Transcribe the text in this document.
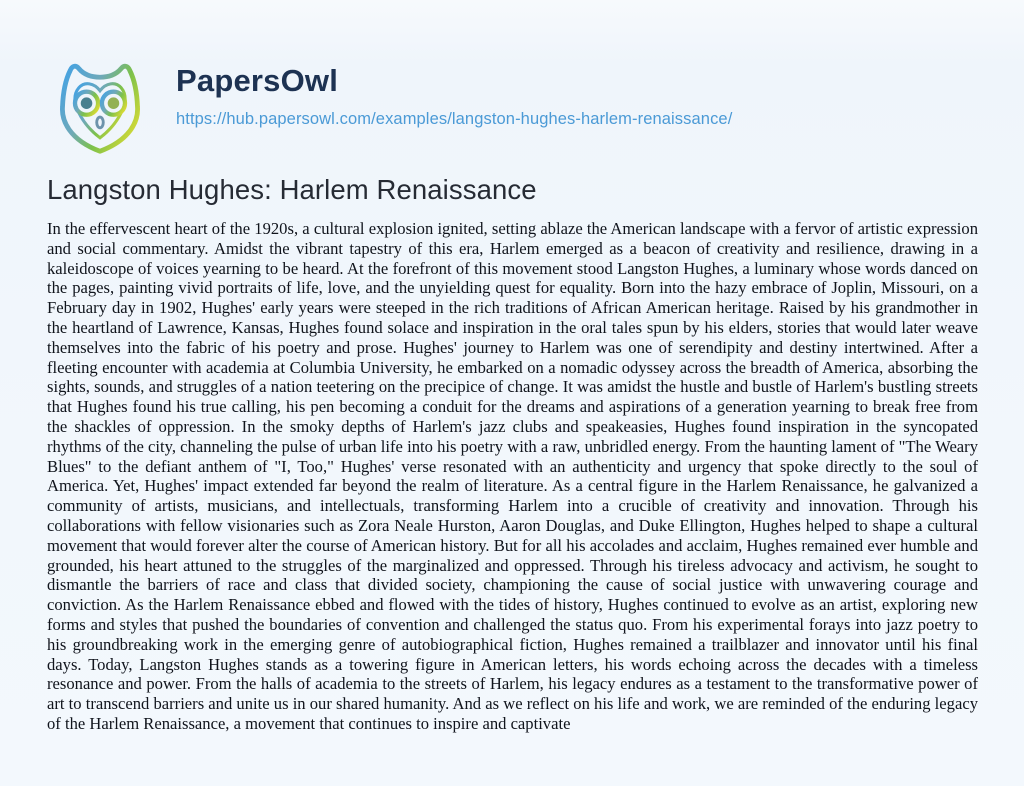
PapersOwl
https://hub.papersowl.com/examples/langston-hughes-harlem-renaissance/
Langston Hughes: Harlem Renaissance

In the effervescent heart of the 1920s, a cultural explosion ignited, setting ablaze the American landscape with a fervor of artistic expression and social commentary. Amidst the vibrant tapestry of this era, Harlem emerged as a beacon of creativity and resilience, drawing in a kaleidoscope of voices yearning to be heard. At the forefront of this movement stood Langston Hughes, a luminary whose words danced on the pages, painting vivid portraits of life, love, and the unyielding quest for equality. Born into the hazy embrace of Joplin, Missouri, on a February day in 1902, Hughes' early years were steeped in the rich traditions of African American heritage. Raised by his grandmother in the heartland of Lawrence, Kansas, Hughes found solace and inspiration in the oral tales spun by his elders, stories that would later weave themselves into the fabric of his poetry and prose. Hughes' journey to Harlem was one of serendipity and destiny intertwined. After a fleeting encounter with academia at Columbia University, he embarked on a nomadic odyssey across the breadth of America, absorbing the sights, sounds, and struggles of a nation teetering on the precipice of change. It was amidst the hustle and bustle of Harlem's bustling streets that Hughes found his true calling, his pen becoming a conduit for the dreams and aspirations of a generation yearning to break free from the shackles of oppression. In the smoky depths of Harlem's jazz clubs and speakeasies, Hughes found inspiration in the syncopated rhythms of the city, channeling the pulse of urban life into his poetry with a raw, unbridled energy. From the haunting lament of "The Weary Blues" to the defiant anthem of "I, Too," Hughes' verse resonated with an authenticity and urgency that spoke directly to the soul of America. Yet, Hughes' impact extended far beyond the realm of literature. As a central figure in the Harlem Renaissance, he galvanized a community of artists, musicians, and intellectuals, transforming Harlem into a crucible of creativity and innovation. Through his collaborations with fellow visionaries such as Zora Neale Hurston, Aaron Douglas, and Duke Ellington, Hughes helped to shape a cultural movement that would forever alter the course of American history. But for all his accolades and acclaim, Hughes remained ever humble and grounded, his heart attuned to the struggles of the marginalized and oppressed. Through his tireless advocacy and activism, he sought to dismantle the barriers of race and class that divided society, championing the cause of social justice with unwavering courage and conviction. As the Harlem Renaissance ebbed and flowed with the tides of history, Hughes continued to evolve as an artist, exploring new forms and styles that pushed the boundaries of convention and challenged the status quo. From his experimental forays into jazz poetry to his groundbreaking work in the emerging genre of autobiographical fiction, Hughes remained a trailblazer and innovator until his final days. Today, Langston Hughes stands as a towering figure in American letters, his words echoing across the decades with a timeless resonance and power. From the halls of academia to the streets of Harlem, his legacy endures as a testament to the transformative power of art to transcend barriers and unite us in our shared humanity. And as we reflect on his life and work, we are reminded of the enduring legacy of the Harlem Renaissance, a movement that continues to inspire and captivate
